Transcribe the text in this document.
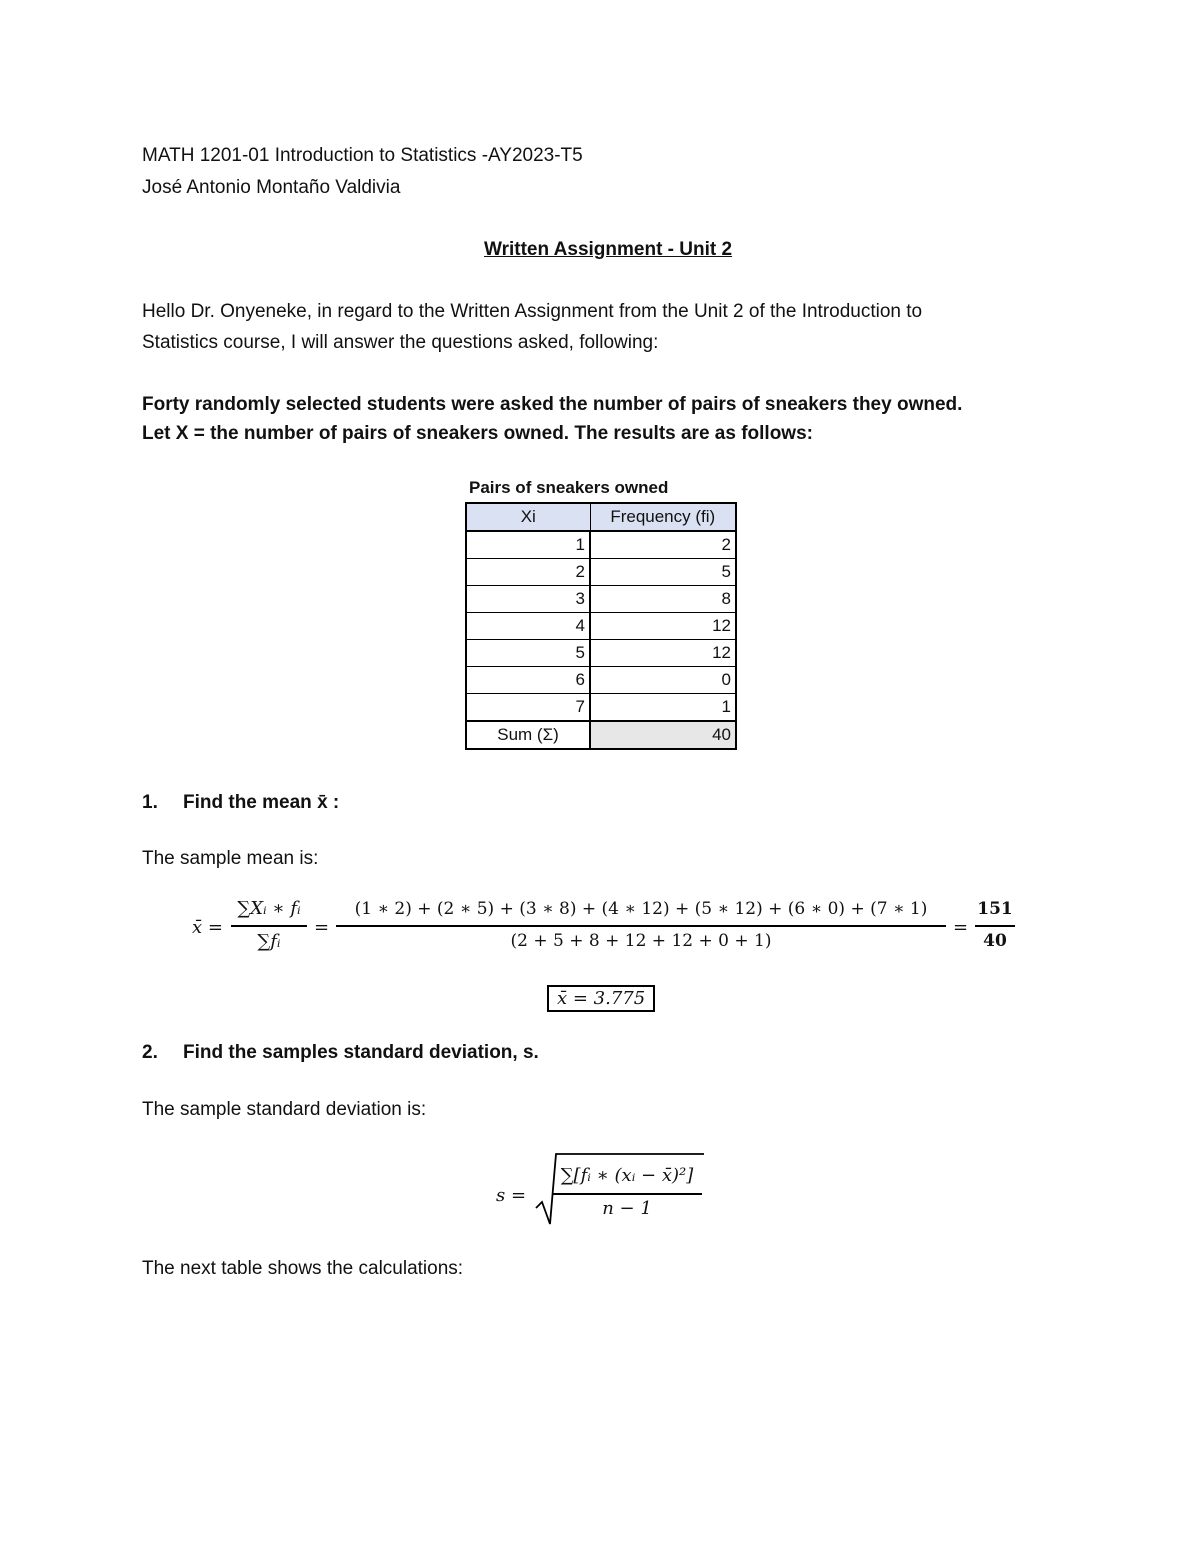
MATH 1201-01 Introduction to Statistics -AY2023-T5
José Antonio Montaño Valdivia
Written Assignment - Unit 2
Hello Dr. Onyeneke, in regard to the Written Assignment from the Unit 2 of the Introduction to
Statistics course, I will answer the questions asked, following:
Forty randomly selected students were asked the number of pairs of sneakers they owned.
Let X = the number of pairs of sneakers owned. The results are as follows:
Pairs of sneakers owned
Xi	Frequency (fi)
1	2
2	5
3	8
4	12
5	12
6	0
7	1
Sum (Σ)	40
1. Find the mean x̄ :
The sample mean is:
x̄ =
∑Xᵢ ∗ fᵢ
∑fᵢ
=
(1 ∗ 2) + (2 ∗ 5) + (3 ∗ 8) + (4 ∗ 12) + (5 ∗ 12) + (6 ∗ 0) + (7 ∗ 1)
(2 + 5 + 8 + 12 + 12 + 0 + 1)
=
151
40
x̄ = 3.775
2. Find the samples standard deviation, s.
The sample standard deviation is:
s =
∑[fᵢ ∗ (xᵢ − x̄)²]
n − 1
The next table shows the calculations:
